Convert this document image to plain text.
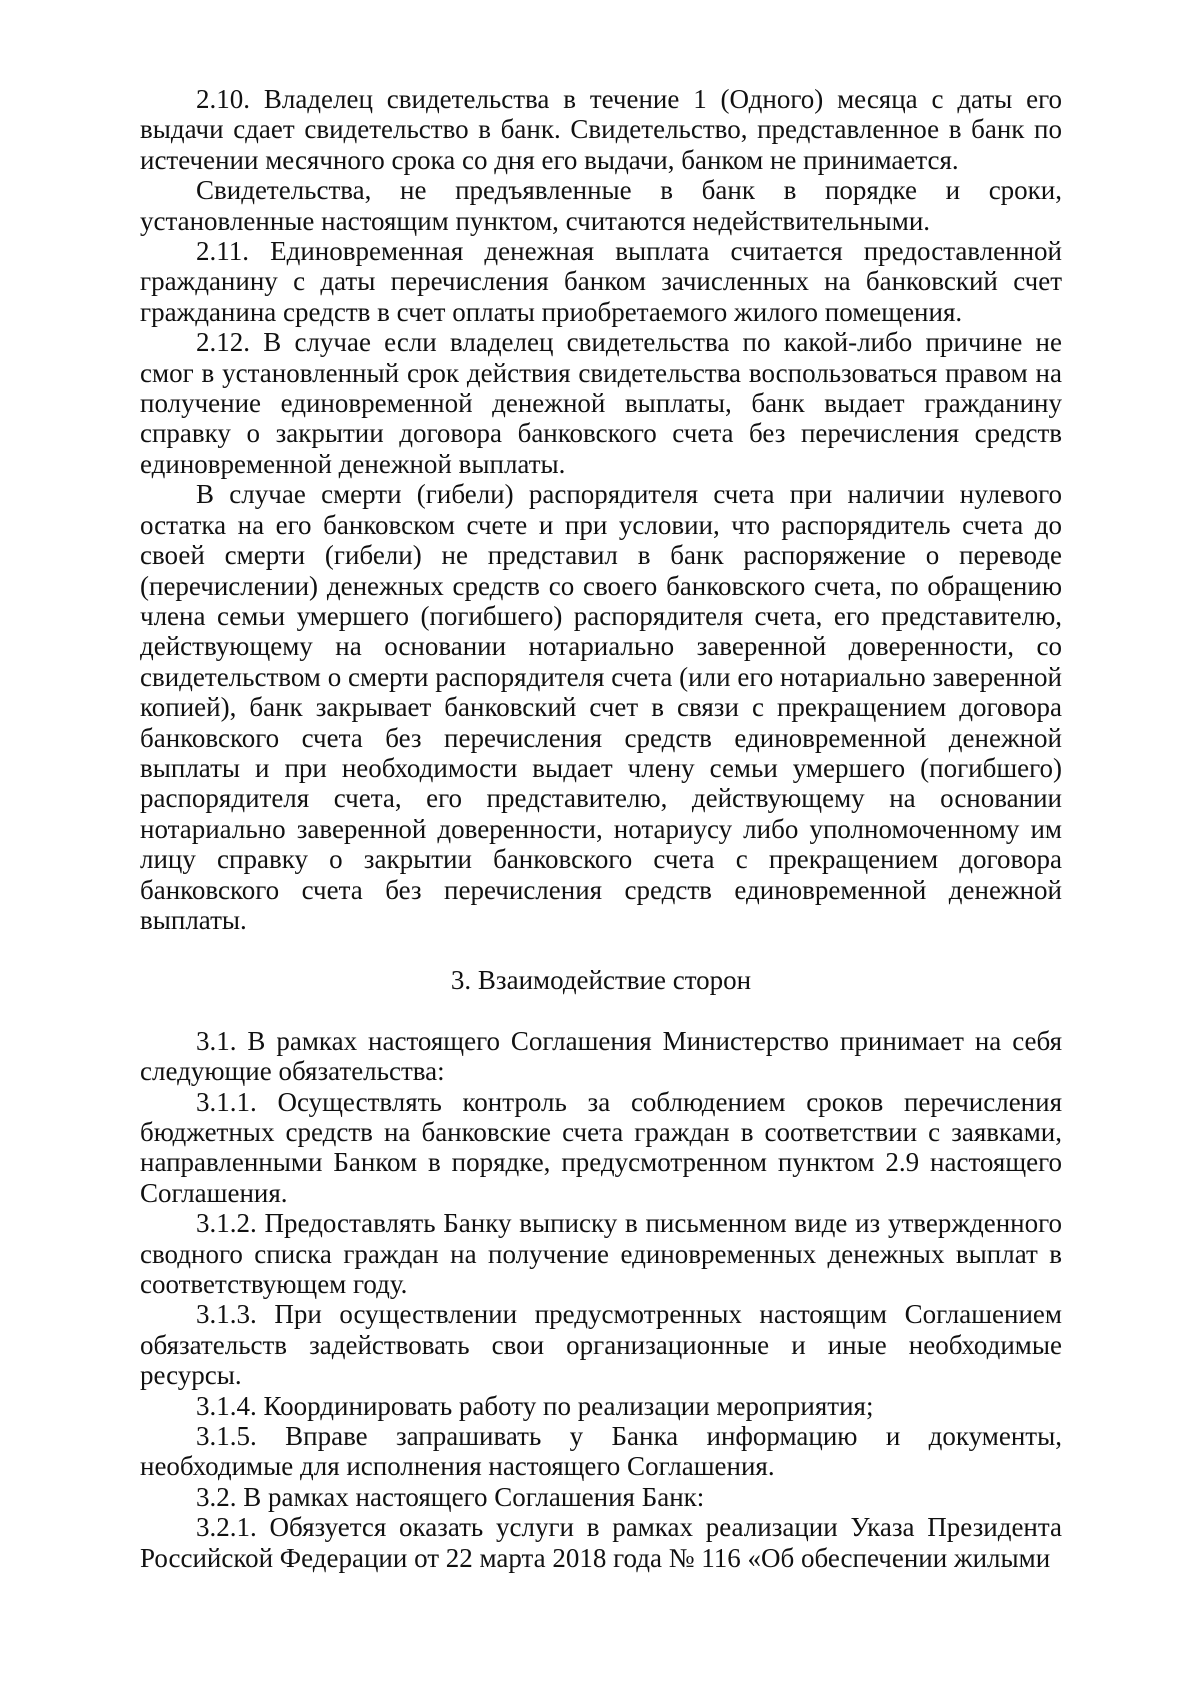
2.10. Владелец свидетельства в течение 1 (Одного) месяца с даты его выдачи сдает свидетельство в банк. Свидетельство, представленное в банк по истечении месячного срока со дня его выдачи, банком не принимается.

Свидетельства, не предъявленные в банк в порядке и сроки, установленные настоящим пунктом, считаются недействительными.

2.11. Единовременная денежная выплата считается предоставленной гражданину с даты перечисления банком зачисленных на банковский счет гражданина средств в счет оплаты приобретаемого жилого помещения.

2.12. В случае если владелец свидетельства по какой-либо причине не смог в установленный срок действия свидетельства воспользоваться правом на получение единовременной денежной выплаты, банк выдает гражданину справку о закрытии договора банковского счета без перечисления средств единовременной денежной выплаты.

В случае смерти (гибели) распорядителя счета при наличии нулевого остатка на его банковском счете и при условии, что распорядитель счета до своей смерти (гибели) не представил в банк распоряжение о переводе (перечислении) денежных средств со своего банковского счета, по обращению члена семьи умершего (погибшего) распорядителя счета, его представителю, действующему на основании нотариально заверенной доверенности, со свидетельством о смерти распорядителя счета (или его нотариально заверенной копией), банк закрывает банковский счет в связи с прекращением договора банковского счета без перечисления средств единовременной денежной выплаты и при необходимости выдает члену семьи умершего (погибшего) распорядителя счета, его представителю, действующему на основании нотариально заверенной доверенности, нотариусу либо уполномоченному им лицу справку о закрытии банковского счета с прекращением договора банковского счета без перечисления средств единовременной денежной выплаты.

3. Взаимодействие сторон

3.1. В рамках настоящего Соглашения Министерство принимает на себя следующие обязательства:

3.1.1. Осуществлять контроль за соблюдением сроков перечисления бюджетных средств на банковские счета граждан в соответствии с заявками, направленными Банком в порядке, предусмотренном пунктом 2.9 настоящего Соглашения.

3.1.2. Предоставлять Банку выписку в письменном виде из утвержденного сводного списка граждан на получение единовременных денежных выплат в соответствующем году.

3.1.3. При осуществлении предусмотренных настоящим Соглашением обязательств задействовать свои организационные и иные необходимые ресурсы.

3.1.4. Координировать работу по реализации мероприятия;

3.1.5. Вправе запрашивать у Банка информацию и документы, необходимые для исполнения настоящего Соглашения.

3.2. В рамках настоящего Соглашения Банк:

3.2.1. Обязуется оказать услуги в рамках реализации Указа Президента Российской Федерации от 22 марта 2018 года № 116 «Об обеспечении жилыми
